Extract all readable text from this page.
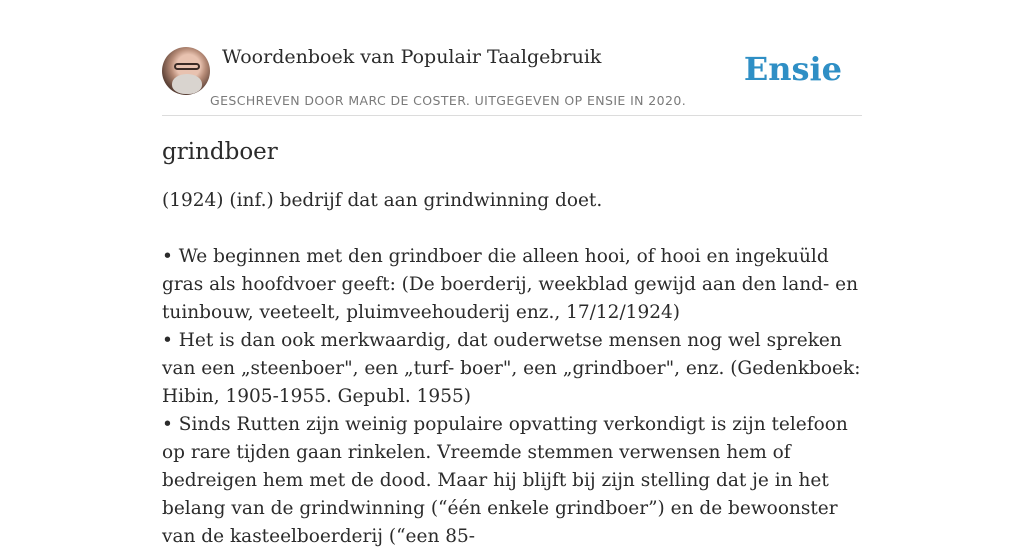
Woordenboek van Populair Taalgebruik
GESCHREVEN DOOR MARC DE COSTER. UITGEGEVEN OP ENSIE IN 2020.
Ensie
grindboer

(1924) (inf.) bedrijf dat aan grindwinning doet.

• We beginnen met den grindboer die alleen hooi, of hooi en ingekuüld gras als hoofdvoer geeft: (De boerderij, weekblad gewijd aan den land- en tuinbouw, veeteelt, pluimveehouderij enz., 17/12/1924)

• Het is dan ook merkwaardig, dat ouderwetse mensen nog wel spreken van een „steenboer", een „turf- boer", een „grindboer", enz. (Gedenkboek: Hibin, 1905-1955. Gepubl. 1955)

• Sinds Rutten zijn weinig populaire opvatting verkondigt is zijn telefoon op rare tijden gaan rinkelen. Vreemde stemmen verwensen hem of bedreigen hem met de dood. Maar hij blijft bij zijn stelling dat je in het belang van de grindwinning (“één enkele grindboer”) en de bewoonster van de kasteelboerderij (“een 85-
